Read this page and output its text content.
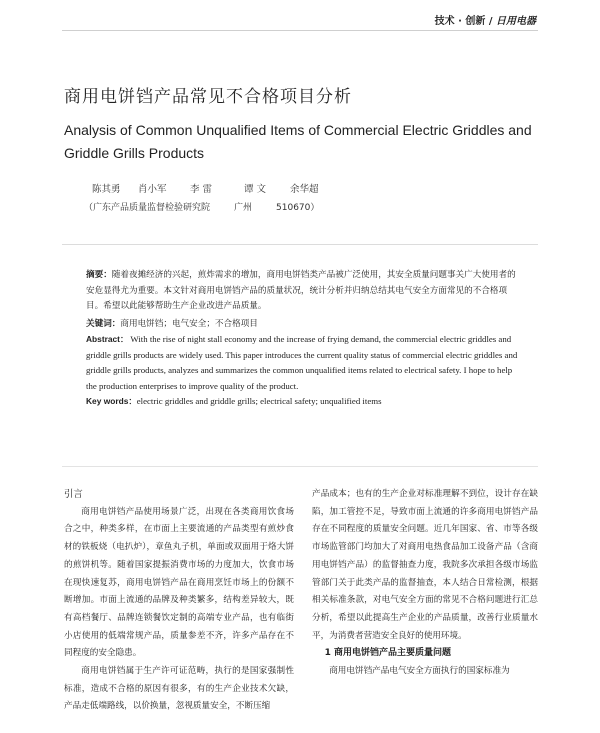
技术 · 创新 / 日用电器
商用电饼铛产品常见不合格项目分析
Analysis of Common Unqualified Items of Commercial Electric Griddles and Griddle Grills Products
陈其勇 肖小军 李 雷	谭 文	余华超
（广东产品质量监督检验研究院	广州	510670）

摘要：随着夜摊经济的兴起，煎炸需求的增加，商用电饼铛类产品被广泛使用，其安全质量问题事关广大使用者的安危显得尤为重要。本文针对商用电饼铛产品的质量状况，统计分析并归纳总结其电气安全方面常见的不合格项目。希望以此能够帮助生产企业改进产品质量。

关键词：商用电饼铛；电气安全；不合格项目

Abstract： With the rise of night stall economy and the increase of frying demand, the commercial electric griddles and griddle grills products are widely used. This paper introduces the current quality status of commercial electric griddles and griddle grills products, analyzes and summarizes the common unqualified items related to electrical safety. I hope to help the production enterprises to improve quality of the product.

Key words：electric griddles and griddle grills; electrical safety; unqualified items

引言

商用电饼铛产品使用场景广泛，出现在各类商用饮食场合之中，种类多样，在市面上主要流通的产品类型有煎炒食材的铁板烧（电扒炉），章鱼丸子机，单面或双面用于烙大饼的煎饼机等。随着国家提振消费市场的力度加大，饮食市场在现快速复苏，商用电饼铛产品在商用烹饪市场上的份额不断增加。市面上流通的品牌及种类繁多，结构差异较大，既有高档餐厅、品牌连锁餐饮定制的高端专业产品，也有临街小店使用的低端常规产品，质量参差不齐，许多产品存在不同程度的安全隐患。

商用电饼铛属于生产许可证范畴，执行的是国家强制性标准，造成不合格的原因有很多，有的生产企业技术欠缺，产品走低端路线，以价换量，忽视质量安全，不断压缩

产品成本；也有的生产企业对标准理解不到位，设计存在缺陷，加工管控不足，导致市面上流通的许多商用电饼铛产品存在不同程度的质量安全问题。近几年国家、省、市等各级市场监管部门均加大了对商用电热食品加工设备产品（含商用电饼铛产品）的监督抽查力度，我院多次承担各级市场监管部门关于此类产品的监督抽查，本人结合日常检测，根据相关标准条款，对电气安全方面的常见不合格问题进行汇总分析，希望以此提高生产企业的产品质量，改善行业质量水平，为消费者营造安全良好的使用环境。

1 商用电饼铛产品主要质量问题

商用电饼铛产品电气安全方面执行的国家标准为
